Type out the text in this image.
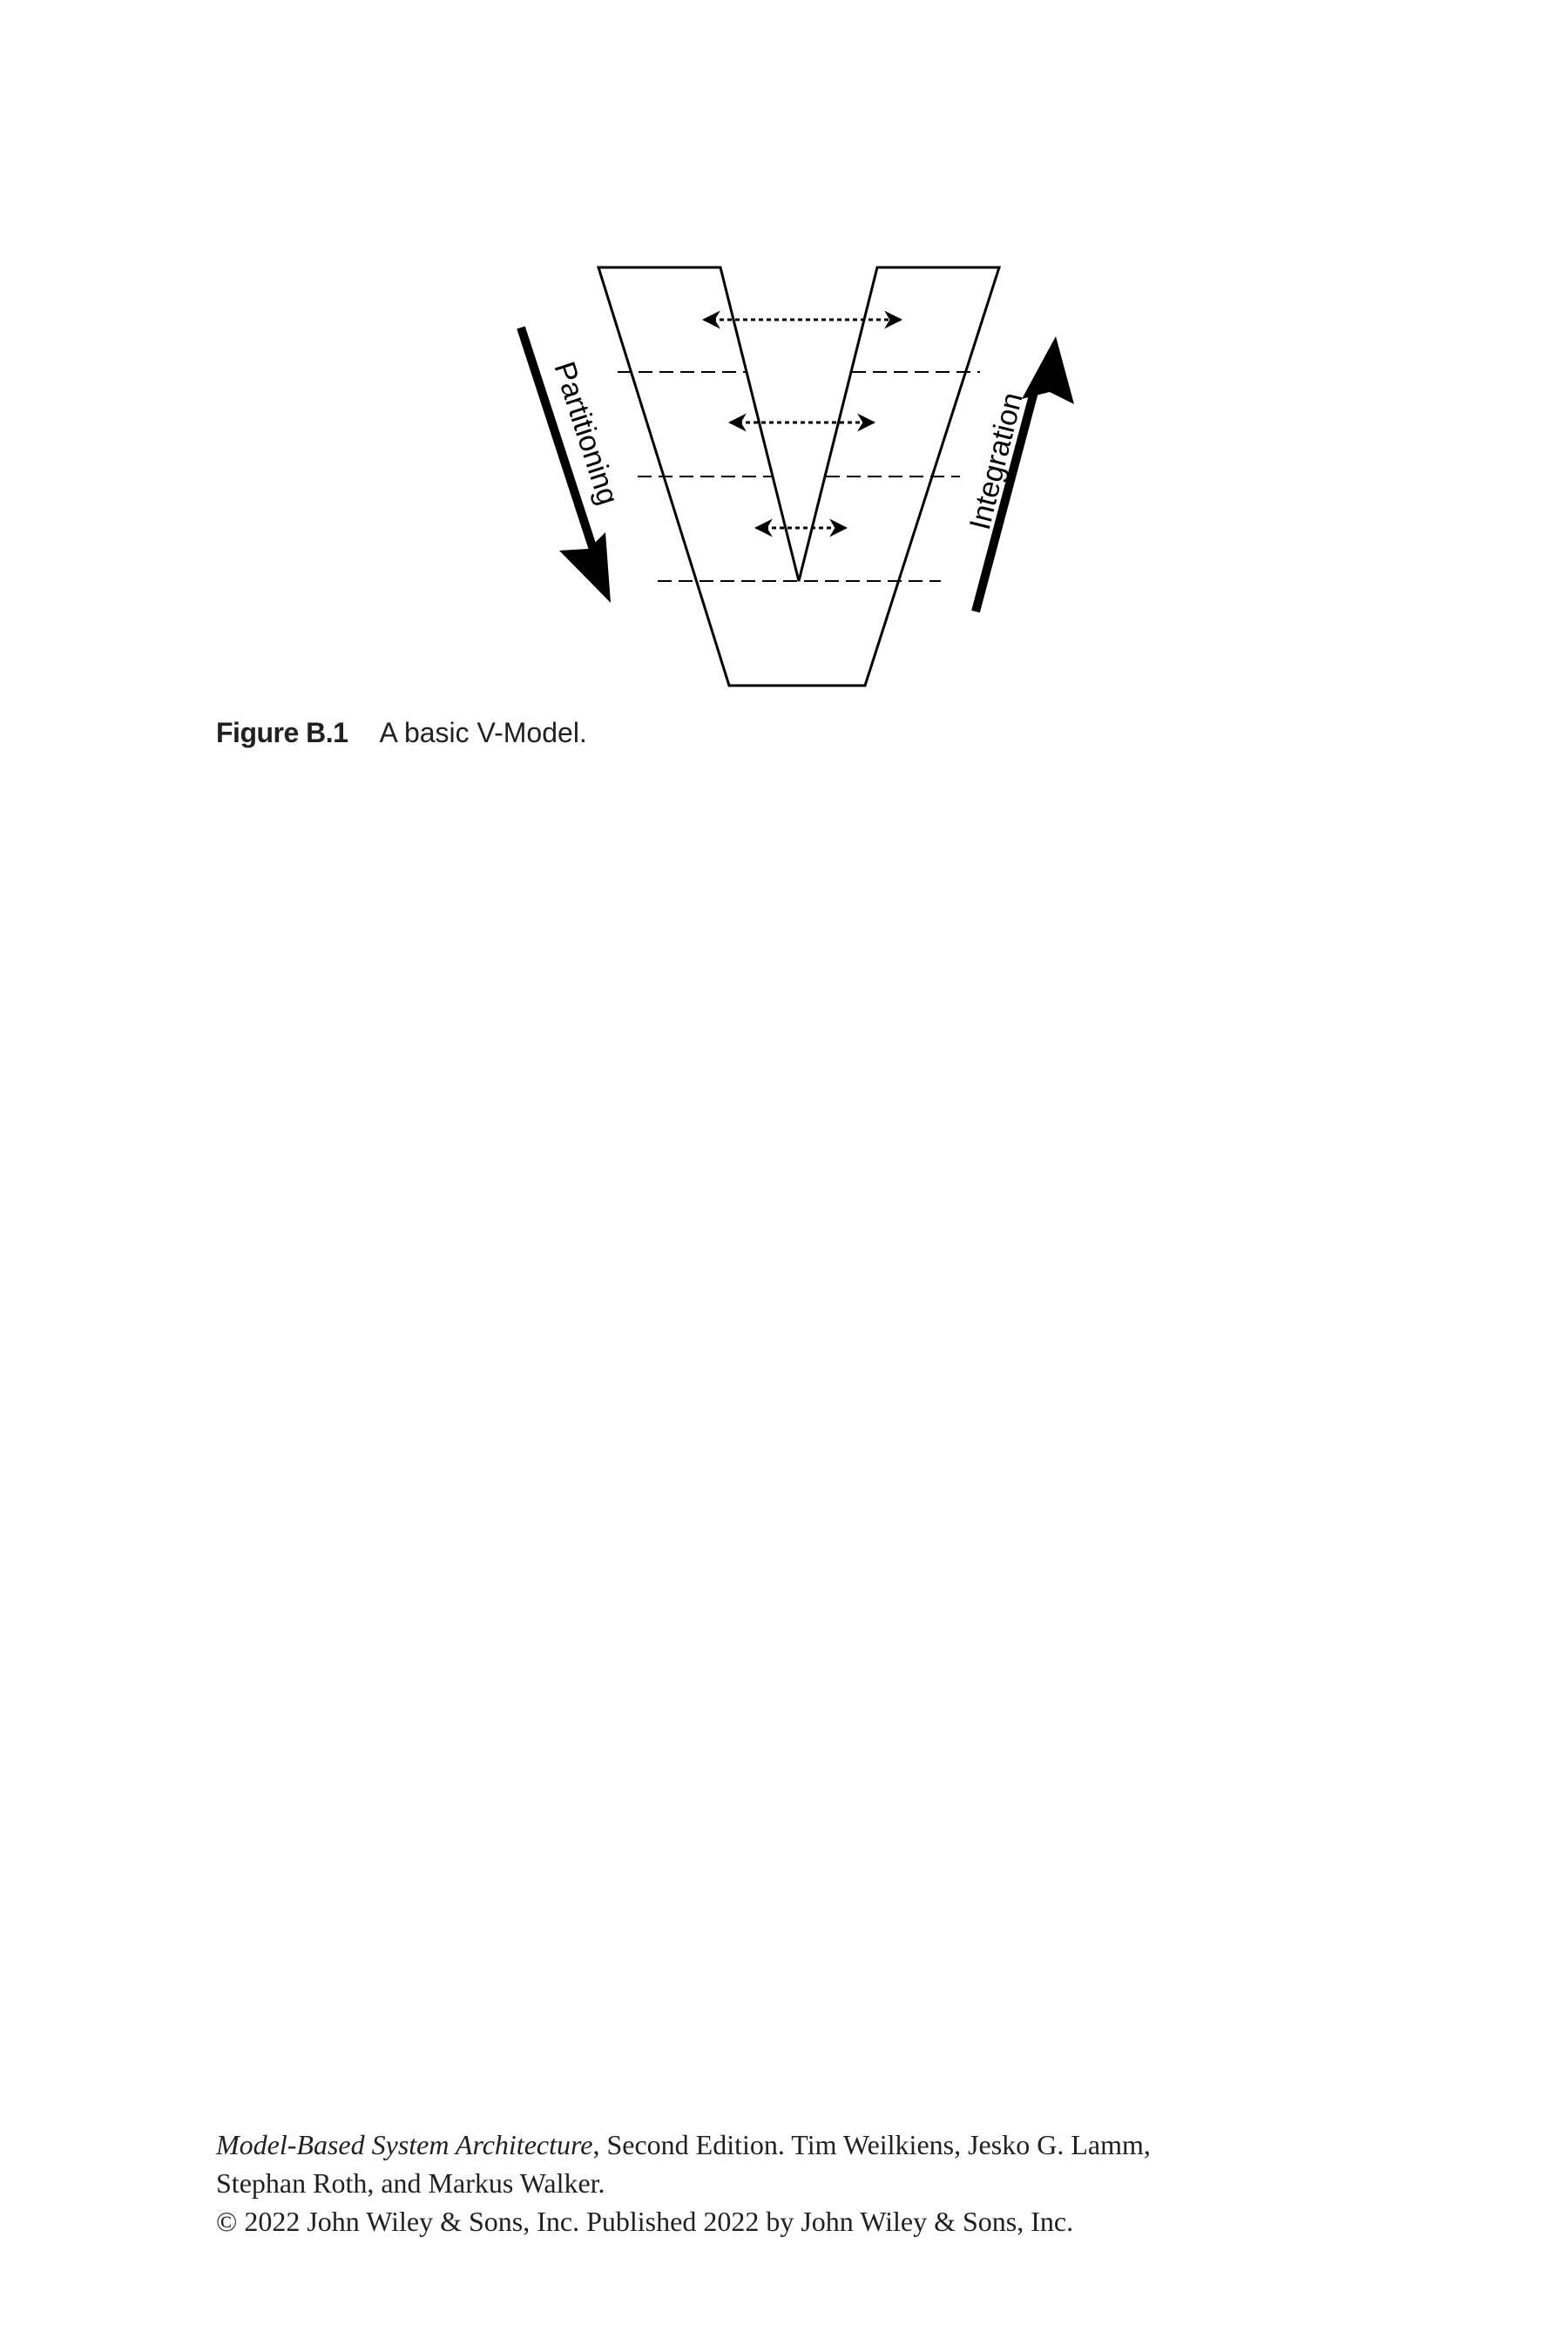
Partitioning	Integration
Figure B.1 A basic V-Model.
Model-Based System Architecture, Second Edition. Tim Weilkiens, Jesko G. Lamm,
Stephan Roth, and Markus Walker.
© 2022 John Wiley & Sons, Inc. Published 2022 by John Wiley & Sons, Inc.
